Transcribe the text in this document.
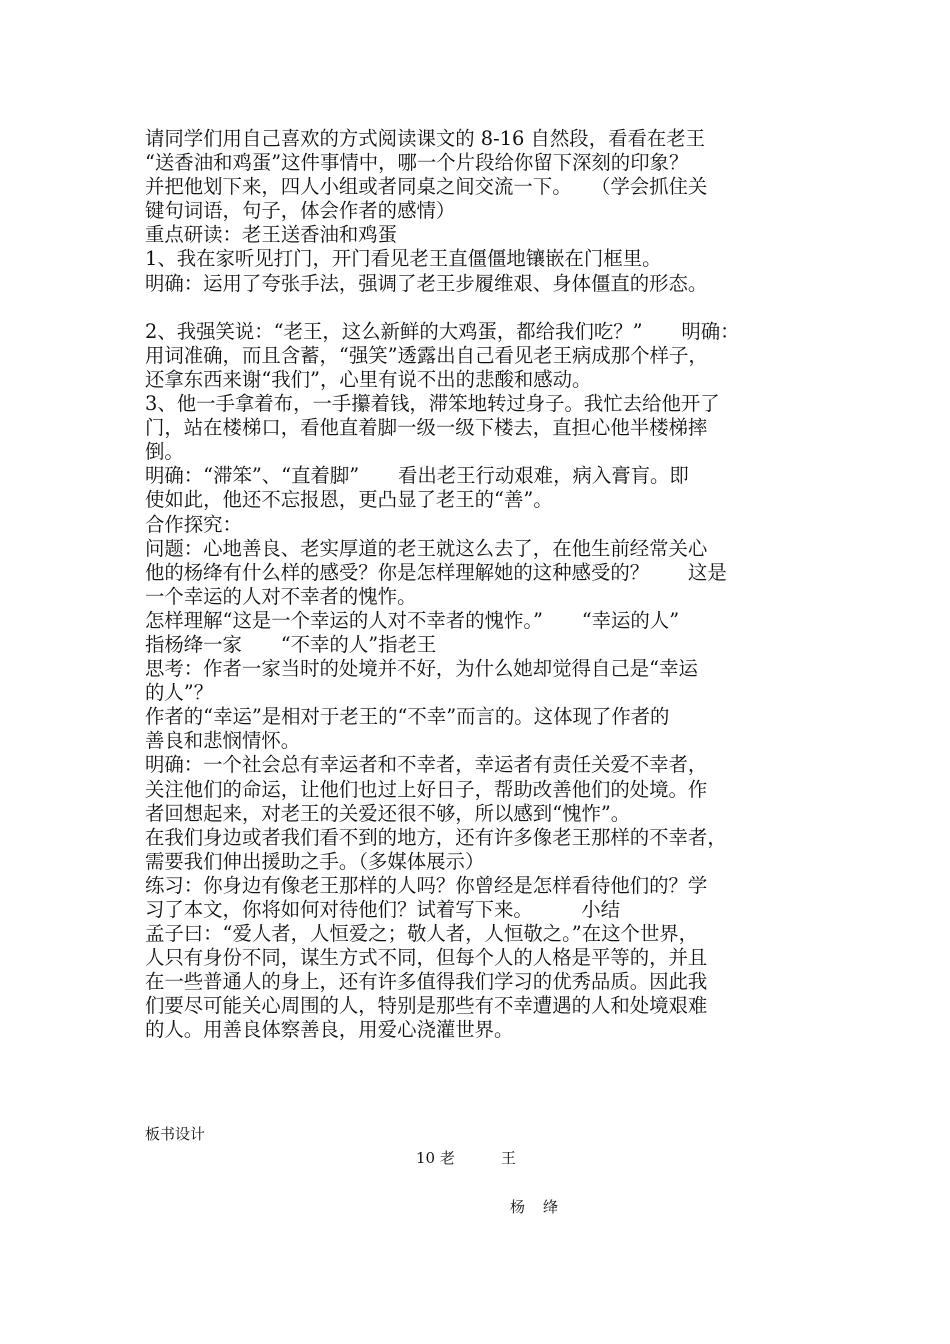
请同学们用自己喜欢的方式阅读课文的 8-16 自然段，看看在老王

“送香油和鸡蛋”这件事情中，哪一个片段给你留下深刻的印象？

并把他划下来，四人小组或者同桌之间交流一下。　　（学会抓住关

键句词语，句子，体会作者的感情）

重点研读：老王送香油和鸡蛋

1、我在家听见打门，开门看见老王直僵僵地镶嵌在门框里。

明确：运用了夸张手法，强调了老王步履维艰、身体僵直的形态。

2、我强笑说：“老王，这么新鲜的大鸡蛋，都给我们吃？”　　明确：

用词准确，而且含蓄，“强笑”透露出自己看见老王病成那个样子，

还拿东西来谢“我们”，心里有说不出的悲酸和感动。

3、他一手拿着布，一手攥着钱，滞笨地转过身子。我忙去给他开了

门，站在楼梯口，看他直着脚一级一级下楼去，直担心他半楼梯摔

倒。

明确：“滞笨”、“直着脚”　　看出老王行动艰难，病入膏肓。即

使如此，他还不忘报恩，更凸显了老王的“善”。

合作探究：

问题：心地善良、老实厚道的老王就这么去了，在他生前经常关心

他的杨绛有什么样的感受？你是怎样理解她的这种感受的？　　这是

一个幸运的人对不幸者的愧怍。

怎样理解“这是一个幸运的人对不幸者的愧怍。”　　“幸运的人”

指杨绛一家　　“不幸的人”指老王

思考：作者一家当时的处境并不好，为什么她却觉得自己是“幸运

的人”？

作者的“幸运”是相对于老王的“不幸”而言的。这体现了作者的

善良和悲悯情怀。

明确：一个社会总有幸运者和不幸者，幸运者有责任关爱不幸者，

关注他们的命运，让他们也过上好日子，帮助改善他们的处境。作

者回想起来，对老王的关爱还很不够，所以感到“愧怍”。

在我们身边或者我们看不到的地方，还有许多像老王那样的不幸者，

需要我们伸出援助之手。（多媒体展示）

练习：你身边有像老王那样的人吗？你曾经是怎样看待他们的？学

习了本文，你将如何对待他们？试着写下来。　　　小结

孟子曰：“爱人者，人恒爱之；敬人者，人恒敬之。”在这个世界，

人只有身份不同，谋生方式不同，但每个人的人格是平等的，并且

在一些普通人的身上，还有许多值得我们学习的优秀品质。因此我

们要尽可能关心周围的人，特别是那些有不幸遭遇的人和处境艰难

的人。用善良体察善良，用爱心浇灌世界。

板书设计
10 老	王
杨 绛
